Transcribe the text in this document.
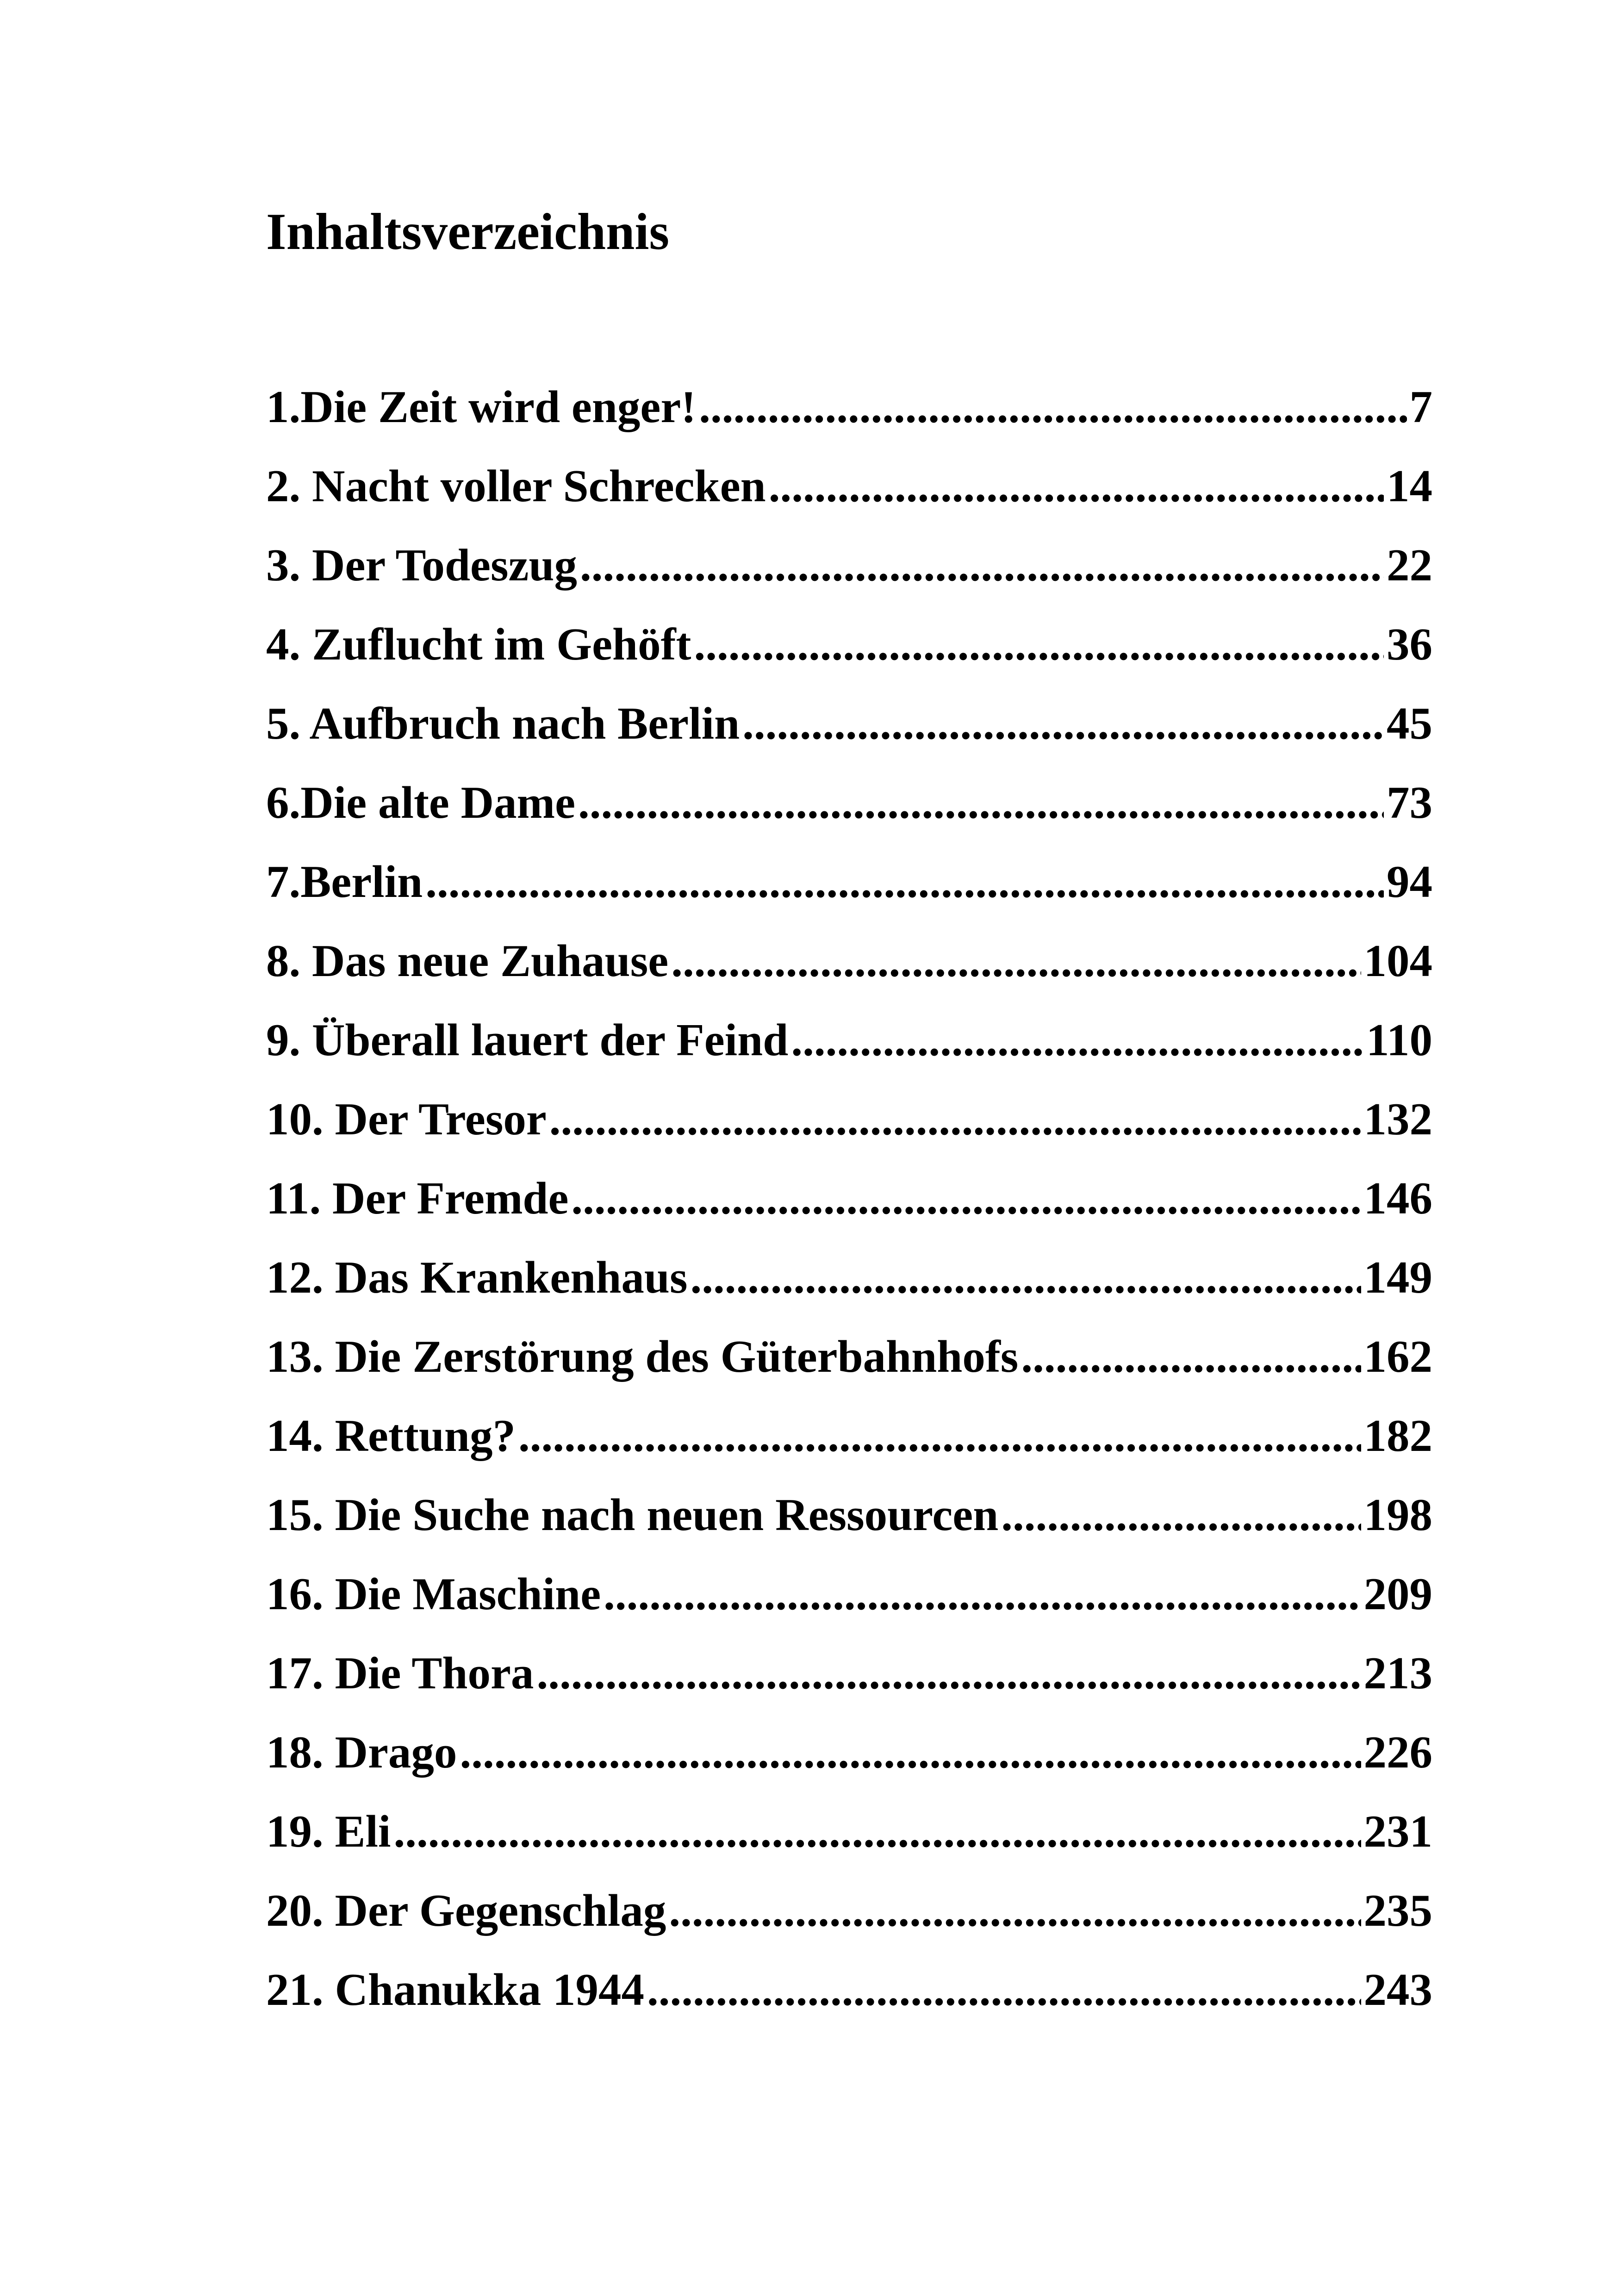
Inhaltsverzeichnis
1.Die Zeit wird enger! .....	7
2. Nacht voller Schrecken .....	14
3. Der Todeszug .....	22
4. Zuflucht im Gehöft .....	36
5. Aufbruch nach Berlin .....	45
6.Die alte Dame .....	73
7.Berlin .....	94
8. Das neue Zuhause .....	104
9. Überall lauert der Feind .....	110
10. Der Tresor .....	132
11. Der Fremde .....	146
12. Das Krankenhaus .....	149
13. Die Zerstörung des Güterbahnhofs .....	162
14. Rettung? .....	182
15. Die Suche nach neuen Ressourcen .....	198
16. Die Maschine .....	209
17. Die Thora .....	213
18. Drago .....	226
19. Eli .....	231
20. Der Gegenschlag .....	235
21. Chanukka 1944 .....	243
